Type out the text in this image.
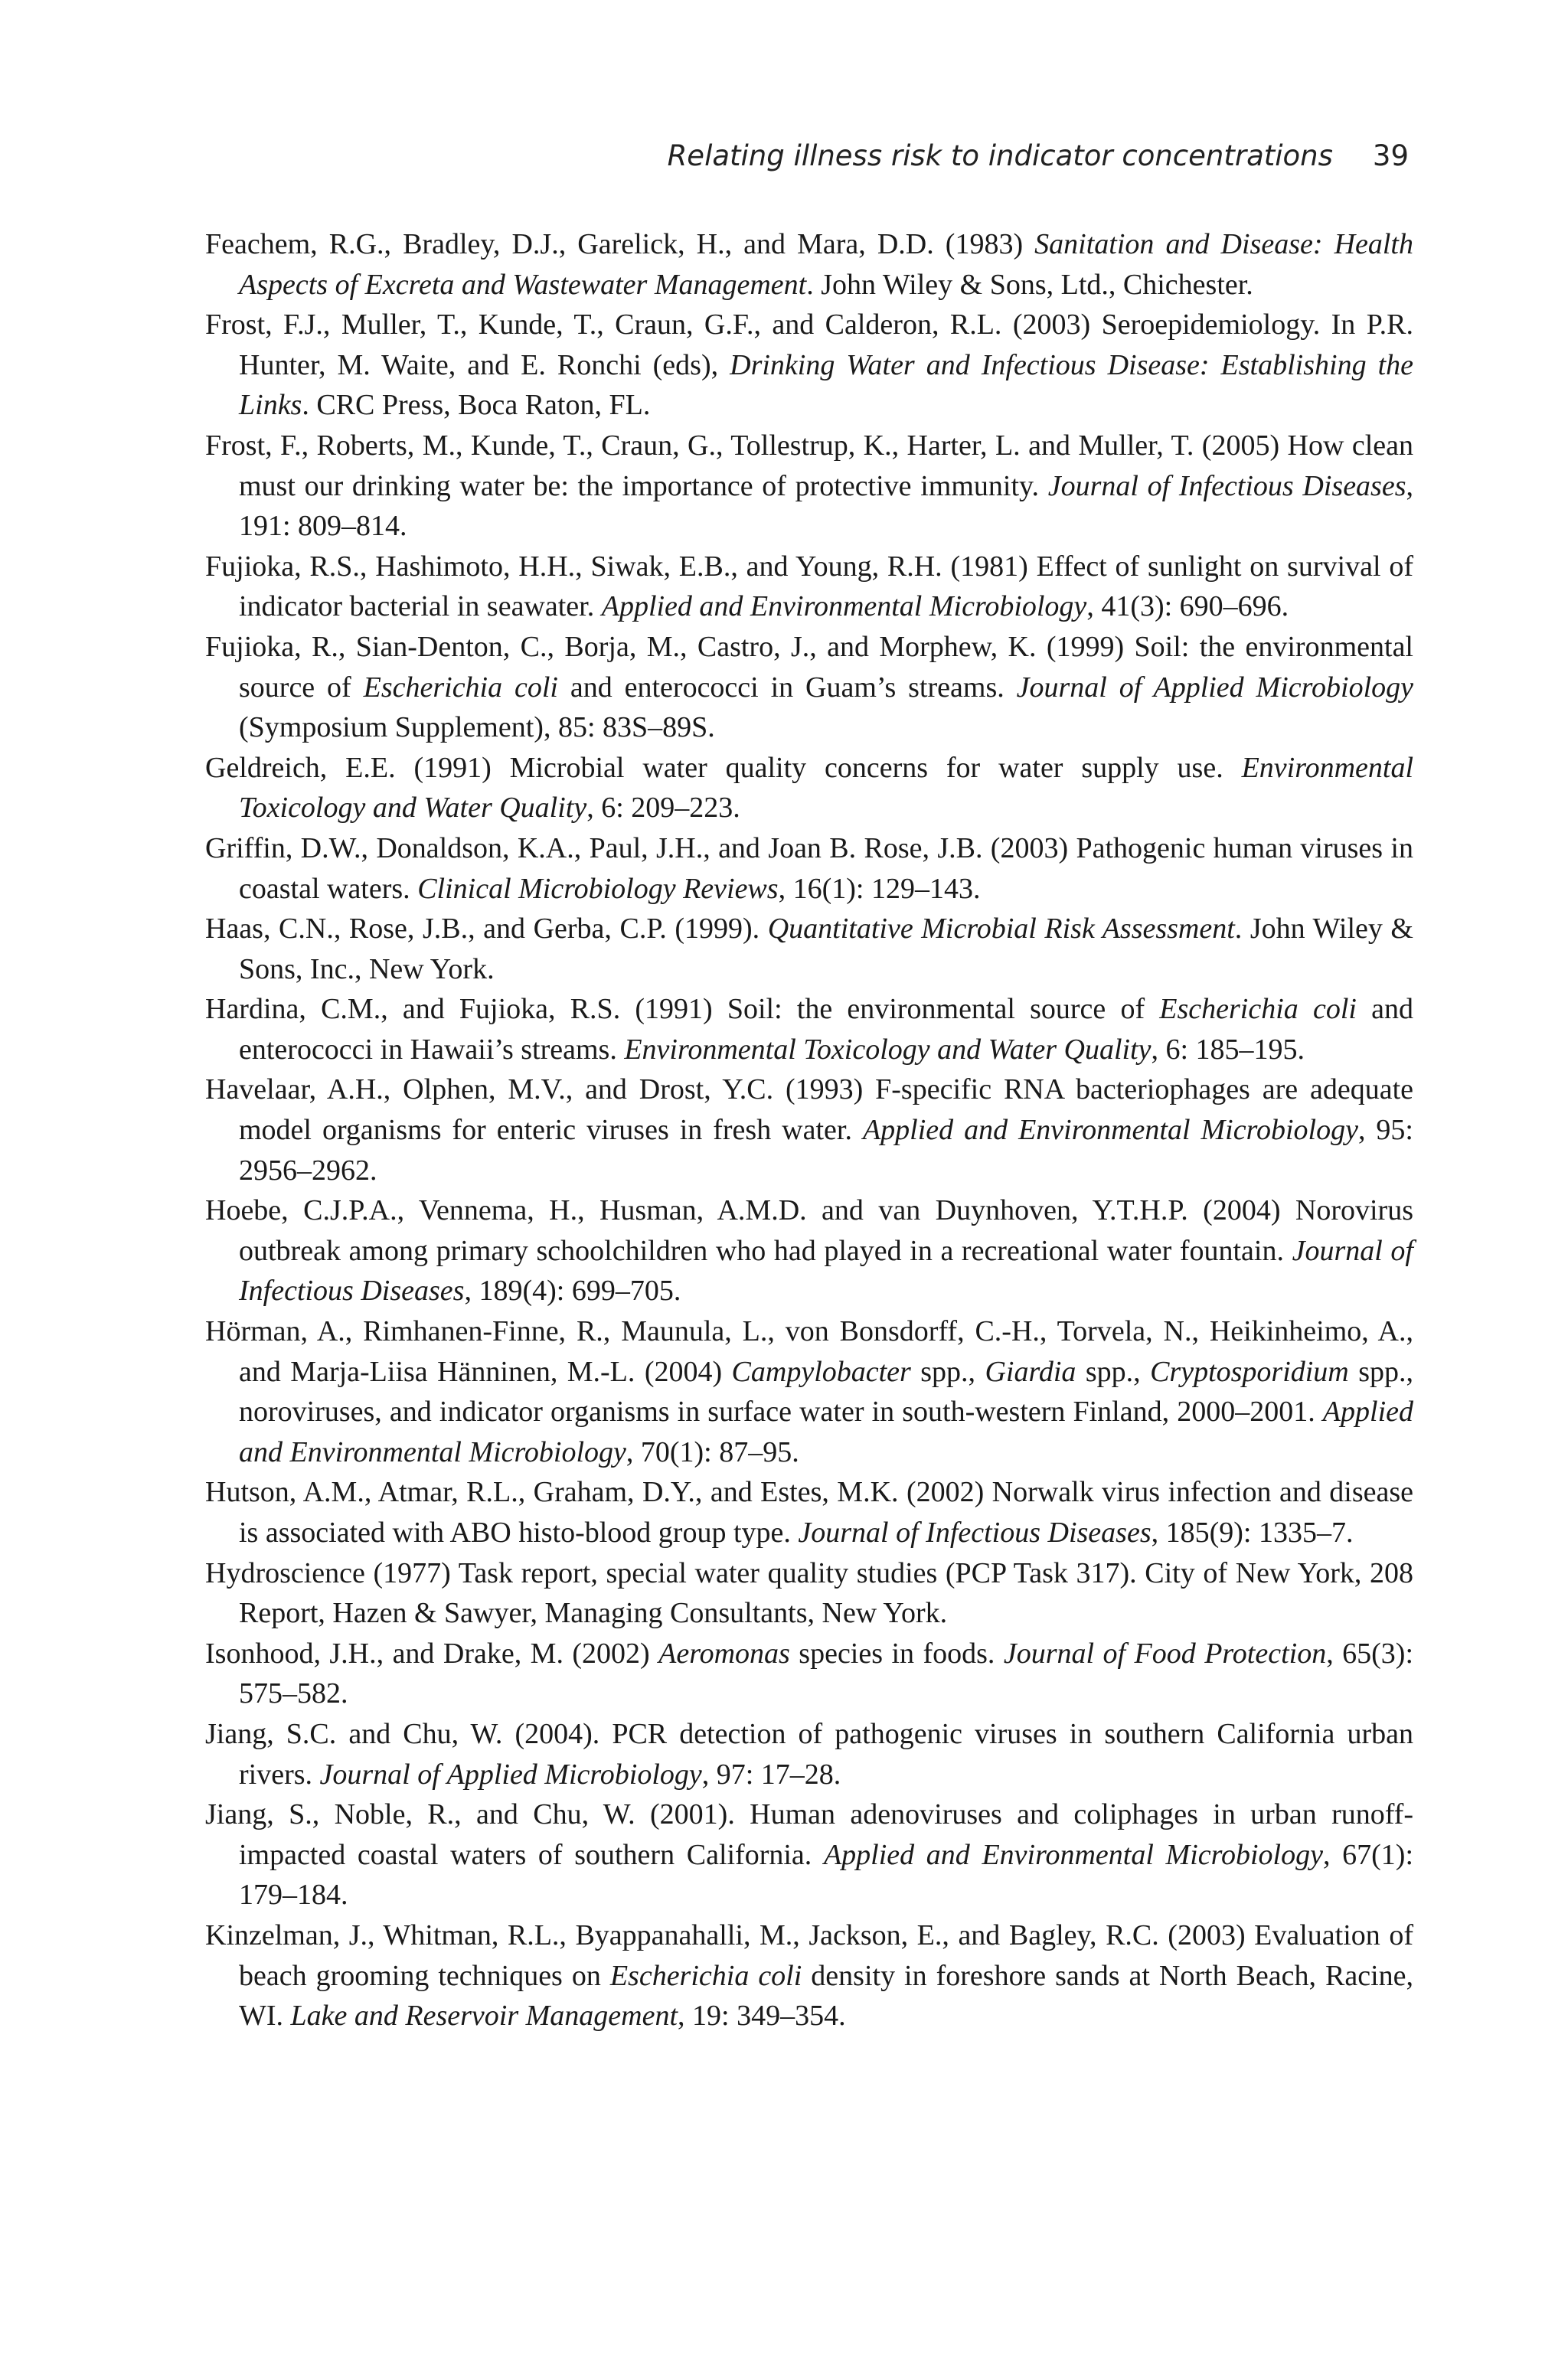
Relating illness risk to indicator concentrations 39
Feachem, R.G., Bradley, D.J., Garelick, H., and Mara, D.D. (1983) Sanitation and Disease: Health Aspects of Excreta and Wastewater Management. John Wiley & Sons, Ltd., Chichester.
Frost, F.J., Muller, T., Kunde, T., Craun, G.F., and Calderon, R.L. (2003) Seroepidemiology. In P.R. Hunter, M. Waite, and E. Ronchi (eds), Drinking Water and Infectious Disease: Establishing the Links. CRC Press, Boca Raton, FL.
Frost, F., Roberts, M., Kunde, T., Craun, G., Tollestrup, K., Harter, L. and Muller, T. (2005) How clean must our drinking water be: the importance of protective immunity. Journal of Infectious Diseases, 191: 809–814.
Fujioka, R.S., Hashimoto, H.H., Siwak, E.B., and Young, R.H. (1981) Effect of sunlight on survival of indicator bacterial in seawater. Applied and Environmental Microbiology, 41(3): 690–696.
Fujioka, R., Sian-Denton, C., Borja, M., Castro, J., and Morphew, K. (1999) Soil: the environmental source of Escherichia coli and enterococci in Guam’s streams. Journal of Applied Microbiology (Symposium Supplement), 85: 83S–89S.
Geldreich, E.E. (1991) Microbial water quality concerns for water supply use. Environmental Toxicology and Water Quality, 6: 209–223.
Griffin, D.W., Donaldson, K.A., Paul, J.H., and Joan B. Rose, J.B. (2003) Pathogenic human viruses in coastal waters. Clinical Microbiology Reviews, 16(1): 129–143.
Haas, C.N., Rose, J.B., and Gerba, C.P. (1999). Quantitative Microbial Risk Assessment. John Wiley & Sons, Inc., New York.
Hardina, C.M., and Fujioka, R.S. (1991) Soil: the environmental source of Escherichia coli and enterococci in Hawaii’s streams. Environmental Toxicology and Water Quality, 6: 185–195.
Havelaar, A.H., Olphen, M.V., and Drost, Y.C. (1993) F-specific RNA bacteriophages are adequate model organisms for enteric viruses in fresh water. Applied and Environmental Microbiology, 95: 2956–2962.
Hoebe, C.J.P.A., Vennema, H., Husman, A.M.D. and van Duynhoven, Y.T.H.P. (2004) Norovirus outbreak among primary schoolchildren who had played in a recreational water fountain. Journal of Infectious Diseases, 189(4): 699–705.
Hörman, A., Rimhanen-Finne, R., Maunula, L., von Bonsdorff, C.-H., Torvela, N., Heikinheimo, A., and Marja-Liisa Hänninen, M.-L. (2004) Campylobacter spp., Giardia spp., Cryptosporidium spp., noroviruses, and indicator organisms in surface water in south-western Finland, 2000–2001. Applied and Environmental Microbiology, 70(1): 87–95.
Hutson, A.M., Atmar, R.L., Graham, D.Y., and Estes, M.K. (2002) Norwalk virus infection and disease is associated with ABO histo-blood group type. Journal of Infectious Diseases, 185(9): 1335–7.
Hydroscience (1977) Task report, special water quality studies (PCP Task 317). City of New York, 208 Report, Hazen & Sawyer, Managing Consultants, New York.
Isonhood, J.H., and Drake, M. (2002) Aeromonas species in foods. Journal of Food Protection, 65(3): 575–582.
Jiang, S.C. and Chu, W. (2004). PCR detection of pathogenic viruses in southern California urban rivers. Journal of Applied Microbiology, 97: 17–28.
Jiang, S., Noble, R., and Chu, W. (2001). Human adenoviruses and coliphages in urban runoff-impacted coastal waters of southern California. Applied and Environmental Microbiology, 67(1): 179–184.
Kinzelman, J., Whitman, R.L., Byappanahalli, M., Jackson, E., and Bagley, R.C. (2003) Evaluation of beach grooming techniques on Escherichia coli density in foreshore sands at North Beach, Racine, WI. Lake and Reservoir Management, 19: 349–354.
